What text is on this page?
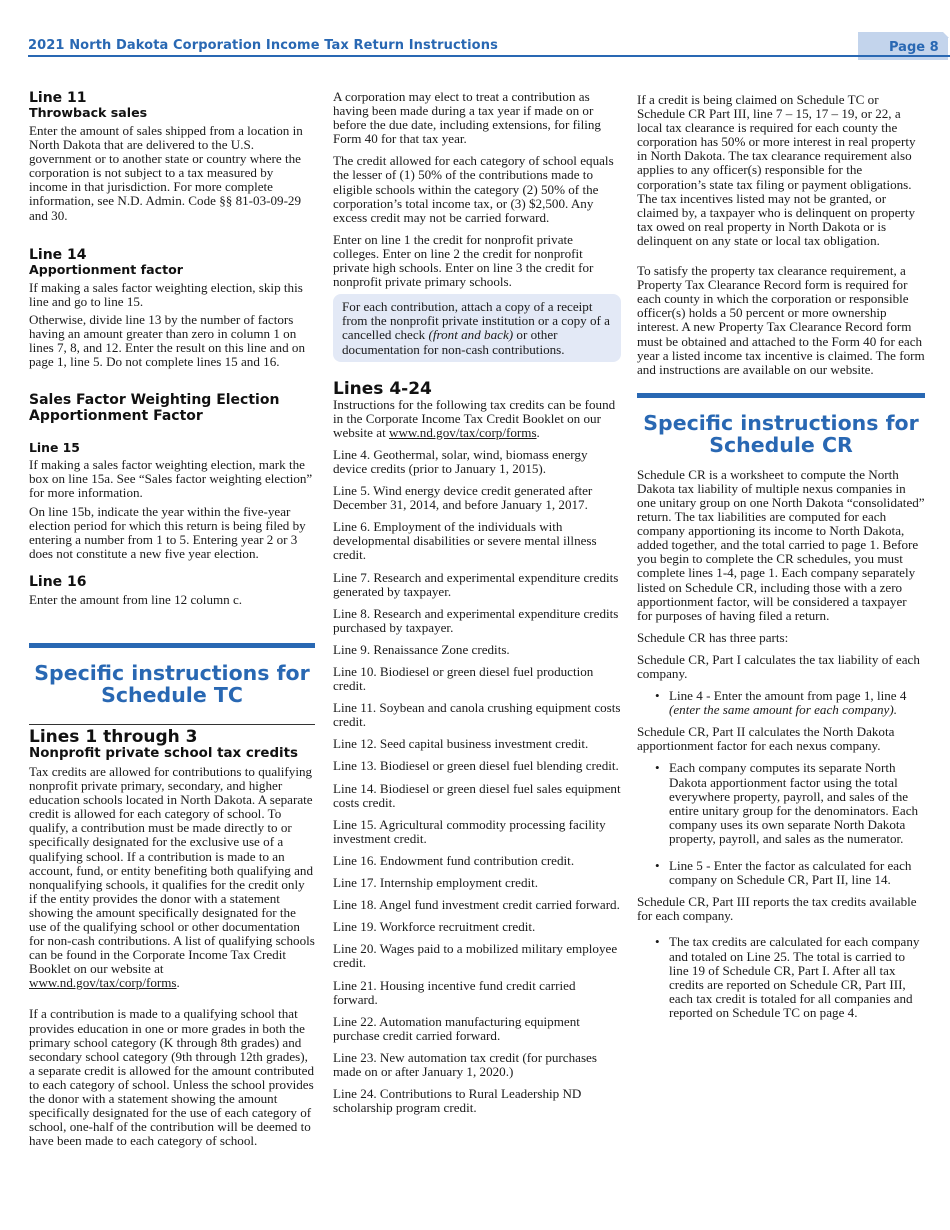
2021 North Dakota Corporation Income Tax Return Instructions	Page 8
Line 11
Throwback sales

Enter the amount of sales shipped from a location in North Dakota that are delivered to the U.S. government or to another state or country where the corporation is not subject to a tax measured by income in that jurisdiction. For more complete information, see N.D. Admin. Code §§ 81-03-09-29 and 30.

Line 14
Apportionment factor

If making a sales factor weighting election, skip this line and go to line 15.

Otherwise, divide line 13 by the number of factors having an amount greater than zero in column 1 on lines 7, 8, and 12. Enter the result on this line and on page 1, line 5. Do not complete lines 15 and 16.

Sales Factor Weighting Election Apportionment Factor
Line 15

If making a sales factor weighting election, mark the box on line 15a. See “Sales factor weighting election” for more information.

On line 15b, indicate the year within the five-year election period for which this return is being filed by entering a number from 1 to 5. Entering year 2 or 3 does not constitute a new five year election.

Line 16

Enter the amount from line 12 column c.

Specific instructions for Schedule TC
Lines 1 through 3
Nonprofit private school tax credits

Tax credits are allowed for contributions to qualifying nonprofit private primary, secondary, and higher education schools located in North Dakota. A separate credit is allowed for each category of school. To qualify, a contribution must be made directly to or specifically designated for the exclusive use of a qualifying school. If a contribution is made to an account, fund, or entity benefiting both qualifying and nonqualifying schools, it qualifies for the credit only if the entity provides the donor with a statement showing the amount specifically designated for the use of the qualifying school or other documentation for non-cash contributions. A list of qualifying schools can be found in the Corporate Income Tax Credit Booklet on our website at www.nd.gov/tax/corp/forms.

If a contribution is made to a qualifying school that provides education in one or more grades in both the primary school category (K through 8th grades) and secondary school category (9th through 12th grades), a separate credit is allowed for the amount contributed to each category of school. Unless the school provides the donor with a statement showing the amount specifically designated for the use of each category of school, one-half of the contribution will be deemed to have been made to each category of school.

A corporation may elect to treat a contribution as having been made during a tax year if made on or before the due date, including extensions, for filing Form 40 for that tax year.

The credit allowed for each category of school equals the lesser of (1) 50% of the contributions made to eligible schools within the category (2) 50% of the corporation’s total income tax, or (3) $2,500. Any excess credit may not be carried forward.

Enter on line 1 the credit for nonprofit private colleges. Enter on line 2 the credit for nonprofit private high schools. Enter on line 3 the credit for nonprofit private primary schools.

For each contribution, attach a copy of a receipt from the nonprofit private institution or a copy of a cancelled check (front and back) or other documentation for non-cash contributions.
Lines 4-24

Instructions for the following tax credits can be found in the Corporate Income Tax Credit Booklet on our website at www.nd.gov/tax/corp/forms.

Line 4. Geothermal, solar, wind, biomass energy device credits (prior to January 1, 2015).

Line 5. Wind energy device credit generated after December 31, 2014, and before January 1, 2017.

Line 6. Employment of the individuals with developmental disabilities or severe mental illness credit.

Line 7. Research and experimental expenditure credits generated by taxpayer.

Line 8. Research and experimental expenditure credits purchased by taxpayer.

Line 9. Renaissance Zone credits.

Line 10. Biodiesel or green diesel fuel production credit.

Line 11. Soybean and canola crushing equipment costs credit.

Line 12. Seed capital business investment credit.

Line 13. Biodiesel or green diesel fuel blending credit.

Line 14. Biodiesel or green diesel fuel sales equipment costs credit.

Line 15. Agricultural commodity processing facility investment credit.

Line 16. Endowment fund contribution credit.

Line 17. Internship employment credit.

Line 18. Angel fund investment credit carried forward.

Line 19. Workforce recruitment credit.

Line 20. Wages paid to a mobilized military employee credit.

Line 21. Housing incentive fund credit carried forward.

Line 22. Automation manufacturing equipment purchase credit carried forward.

Line 23. New automation tax credit (for purchases made on or after January 1, 2020.)

Line 24. Contributions to Rural Leadership ND scholarship program credit.

If a credit is being claimed on Schedule TC or Schedule CR Part III, line 7 – 15, 17 – 19, or 22, a local tax clearance is required for each county the corporation has 50% or more interest in real property in North Dakota. The tax clearance requirement also applies to any officer(s) responsible for the corporation’s state tax filing or payment obligations. The tax incentives listed may not be granted, or claimed by, a taxpayer who is delinquent on property tax owed on real property in North Dakota or is delinquent on any state or local tax obligation.

To satisfy the property tax clearance requirement, a Property Tax Clearance Record form is required for each county in which the corporation or responsible officer(s) holds a 50 percent or more ownership interest. A new Property Tax Clearance Record form must be obtained and attached to the Form 40 for each year a listed income tax incentive is claimed. The form and instructions are available on our website.

Specific instructions for Schedule CR

Schedule CR is a worksheet to compute the North Dakota tax liability of multiple nexus companies in one unitary group on one North Dakota “consolidated” return. The tax liabilities are computed for each company apportioning its income to North Dakota, added together, and the total carried to page 1. Before you begin to complete the CR schedules, you must complete lines 1-4, page 1. Each company separately listed on Schedule CR, including those with a zero apportionment factor, will be considered a taxpayer for purposes of having filed a return.

Schedule CR has three parts:

Schedule CR, Part I calculates the tax liability of each company.

• Line 4 - Enter the amount from page 1, line 4 (enter the same amount for each company).

Schedule CR, Part II calculates the North Dakota apportionment factor for each nexus company.

• Each company computes its separate North Dakota apportionment factor using the total everywhere property, payroll, and sales of the entire unitary group for the denominators. Each company uses its own separate North Dakota property, payroll, and sales as the numerator.
• Line 5 - Enter the factor as calculated for each company on Schedule CR, Part II, line 14.

Schedule CR, Part III reports the tax credits available for each company.

• The tax credits are calculated for each company and totaled on Line 25. The total is carried to line 19 of Schedule CR, Part I. After all tax credits are reported on Schedule CR, Part III, each tax credit is totaled for all companies and reported on Schedule TC on page 4.
